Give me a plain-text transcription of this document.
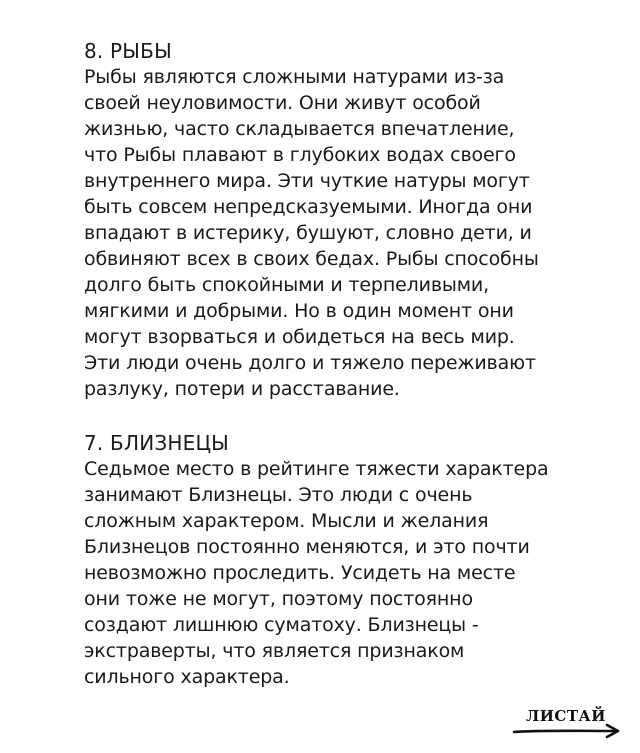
8. РЫБЫ

Рыбы являются сложными натурами из-за

своей неуловимости. Они живут особой

жизнью, часто складывается впечатление,

что Рыбы плавают в глубоких водах своего

внутреннего мира. Эти чуткие натуры могут

быть совсем непредсказуемыми. Иногда они

впадают в истерику, бушуют, словно дети, и

обвиняют всех в своих бедах. Рыбы способны

долго быть спокойными и терпеливыми,

мягкими и добрыми. Но в один момент они

могут взорваться и обидеться на весь мир.

Эти люди очень долго и тяжело переживают

разлуку, потери и расставание.

7. БЛИЗНЕЦЫ

Седьмое место в рейтинге тяжести характера

занимают Близнецы. Это люди с очень

сложным характером. Мысли и желания

Близнецов постоянно меняются, и это почти

невозможно проследить. Усидеть на месте

они тоже не могут, поэтому постоянно

создают лишнюю суматоху. Близнецы -

экстраверты, что является признаком

сильного характера.

ЛИСТАЙ
